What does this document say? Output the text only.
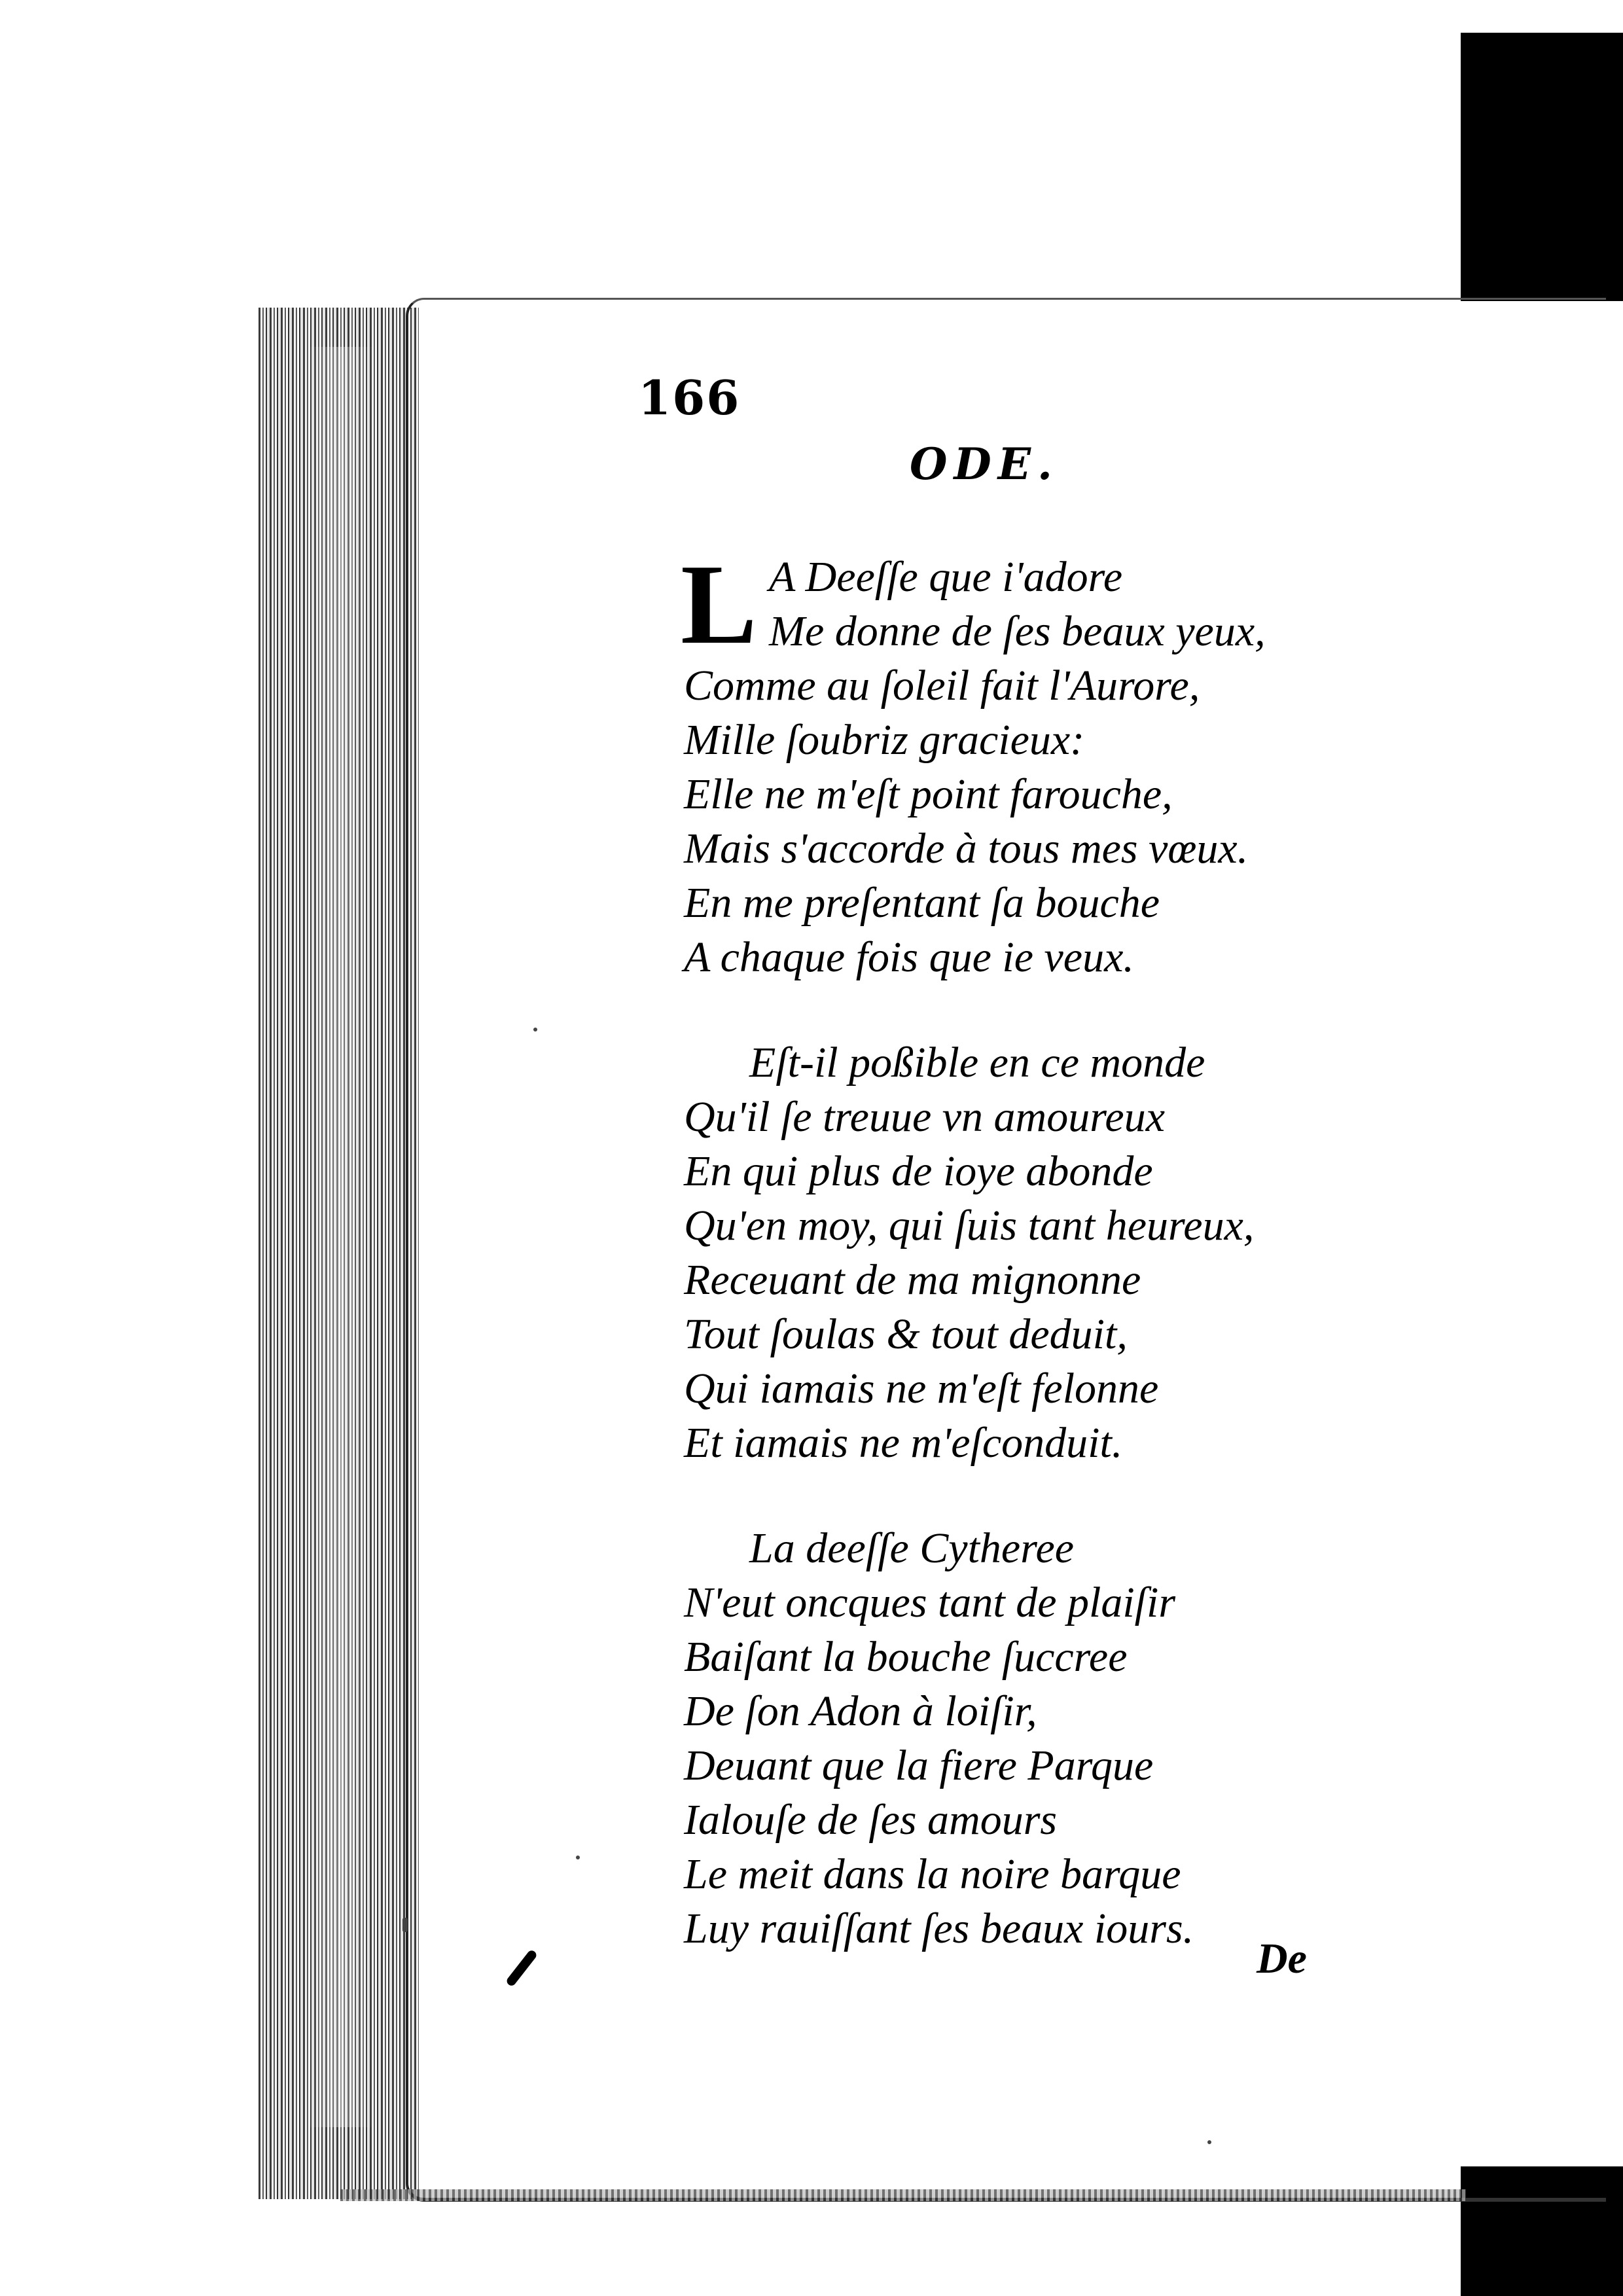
166
ODE.
L A Deeſſe que i'adore
Me donne de ſes beaux yeux,
Comme au ſoleil fait l'Aurore,
Mille ſoubriz gracieux:
Elle ne m'eſt point farouche,
Mais s'accorde à tous mes vœux.
En me preſentant ſa bouche
A chaque fois que ie veux.
Eſt-il poßible en ce monde
Qu'il ſe treuue vn amoureux
En qui plus de ioye abonde
Qu'en moy, qui ſuis tant heureux,
Receuant de ma mignonne
Tout ſoulas & tout deduit,
Qui iamais ne m'eſt felonne
Et iamais ne m'eſconduit.
La deeſſe Cytheree
N'eut oncques tant de plaiſir
Baiſant la bouche ſuccree
De ſon Adon à loiſir,
Deuant que la fiere Parque
Ialouſe de ſes amours
Le meit dans la noire barque
Luy rauiſſant ſes beaux iours.
De
